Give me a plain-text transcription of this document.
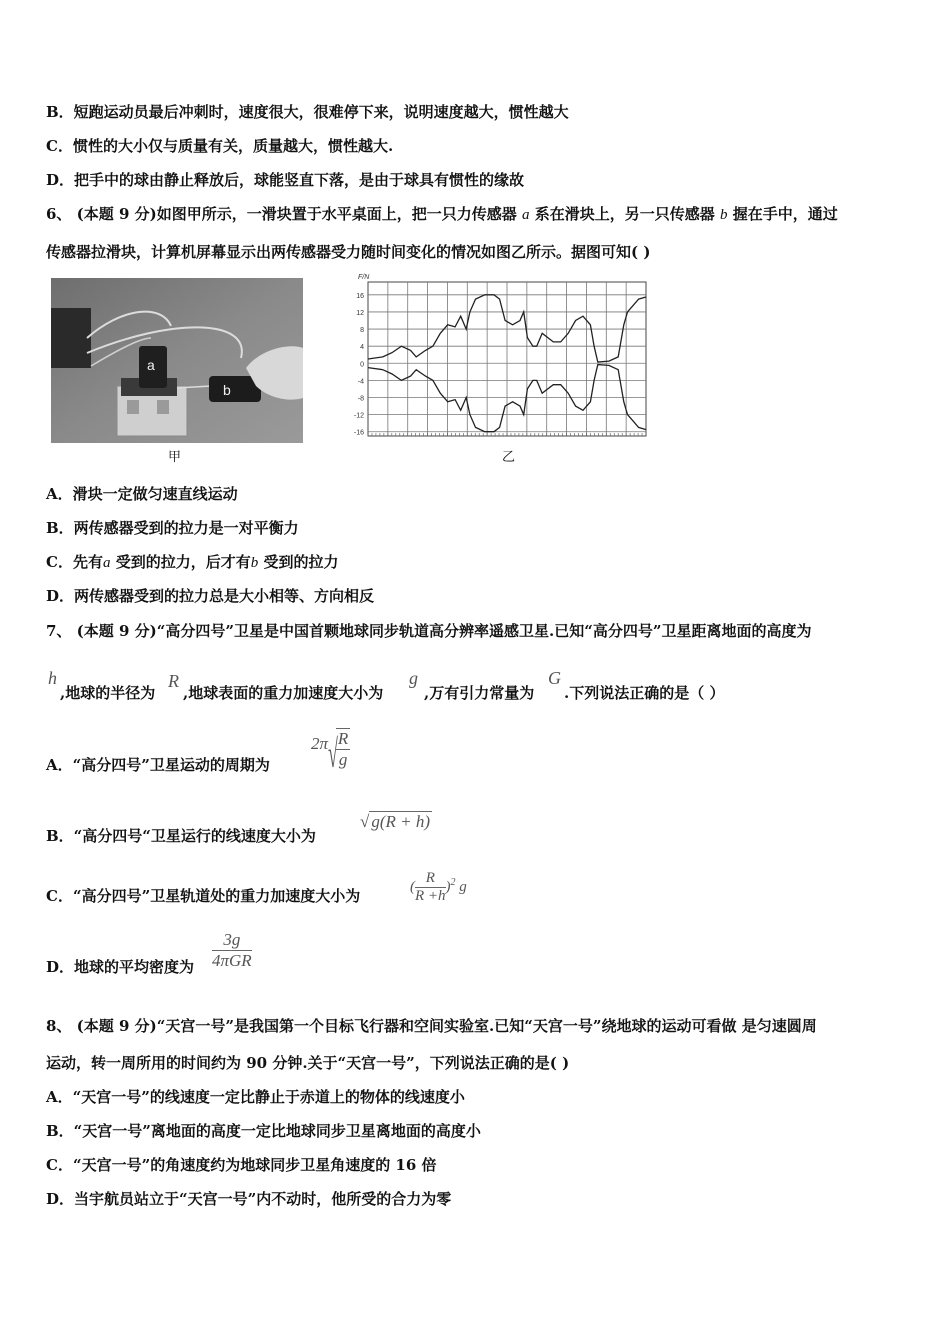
B．短跑运动员最后冲刺时，速度很大，很难停下来，说明速度越大，惯性越大
C．惯性的大小仅与质量有关，质量越大，惯性越大.
D．把手中的球由静止释放后，球能竖直下落，是由于球具有惯性的缘故
6、 (本题 9 分)如图甲所示，一滑块置于水平桌面上，把一只力传感器 a 系在滑块上，另一只传感器 b 握在手中，通过
传感器拉滑块，计算机屏幕显示出两传感器受力随时间变化的情况如图乙所示。据图可知( )
a
b
甲
16
12
8
4
0
-4
-8
-12
-16
F/N
乙
A．滑块一定做匀速直线运动
B．两传感器受到的拉力是一对平衡力
C．先有a 受到的拉力，后才有b 受到的拉力
D．两传感器受到的拉力总是大小相等、方向相反
7、 (本题 9 分)“高分四号”卫星是中国首颗地球同步轨道高分辨率遥感卫星.已知“高分四号”卫星距离地面的高度为
h
,地球的半径为
R
,地球表面的重力加速度大小为
g
,万有引力常量为
G
.下列说法正确的是（ ）
A．“高分四号”卫星运动的周期为
2π√
$\frac{R}{g}$
B．“高分四号“卫星运行的线速度大小为
√ g(R + h)
C．“高分四号”卫星轨道处的重力加速度大小为
( $\frac{R}{R +h} )^2$ g
D．地球的平均密度为 $\frac{3g}{\text{4πGR}}$
8、 (本题 9 分)“天宫一号”是我国第一个目标飞行器和空间实验室.已知“天宫一号”绕地球的运动可看做 是匀速圆周
运动，转一周所用的时间约为 90 分钟.关于“天宫一号”，下列说法正确的是( )
A．“天宫一号”的线速度一定比静止于赤道上的物体的线速度小
B．“天宫一号”离地面的高度一定比地球同步卫星离地面的高度小
C．“天宫一号”的角速度约为地球同步卫星角速度的 16 倍
D．当宇航员站立于“天宫一号”内不动时，他所受的合力为零
